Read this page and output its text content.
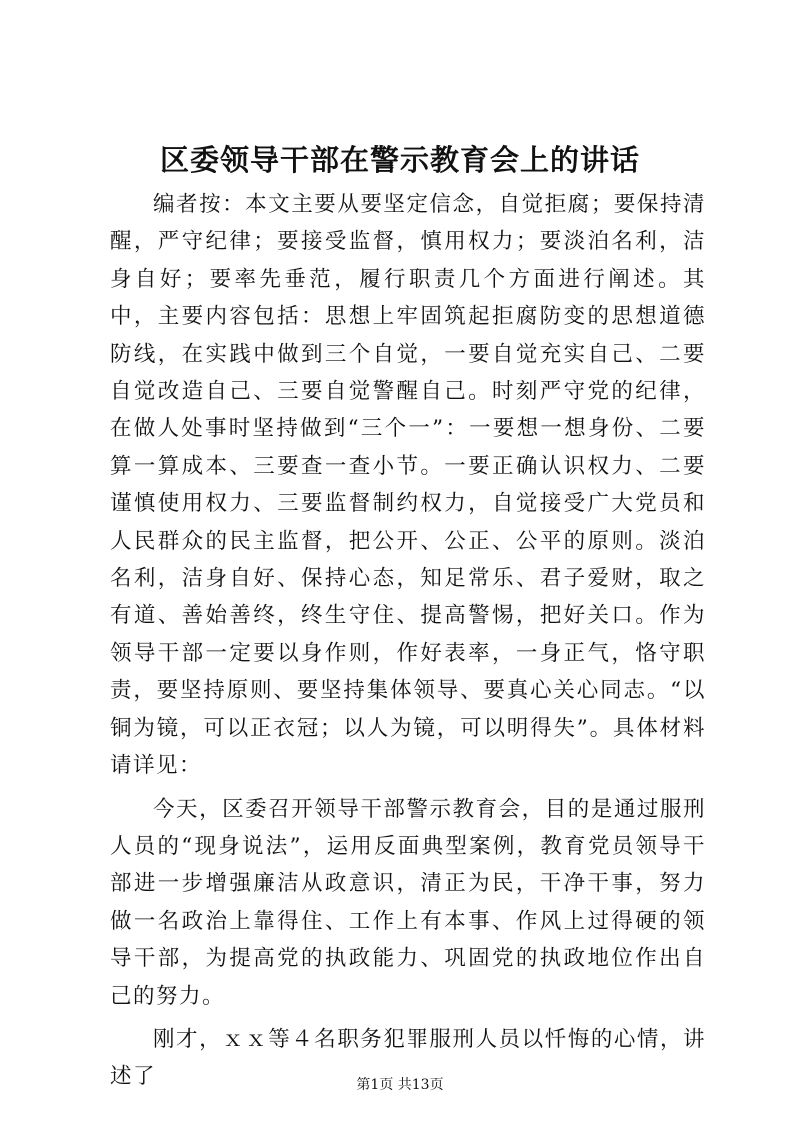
区委领导干部在警示教育会上的讲话

编者按：本文主要从要坚定信念，自觉拒腐；要保持清醒，严守纪律；要接受监督，慎用权力；要淡泊名利，洁身自好；要率先垂范，履行职责几个方面进行阐述。其中，主要内容包括：思想上牢固筑起拒腐防变的思想道德防线，在实践中做到三个自觉，一要自觉充实自己、二要自觉改造自己、三要自觉警醒自己。时刻严守党的纪律，在做人处事时坚持做到“三个一”：一要想一想身份、二要算一算成本、三要查一查小节。一要正确认识权力、二要谨慎使用权力、三要监督制约权力，自觉接受广大党员和人民群众的民主监督，把公开、公正、公平的原则。淡泊名利，洁身自好、保持心态，知足常乐、君子爱财，取之有道、善始善终，终生守住、提高警惕，把好关口。作为领导干部一定要以身作则，作好表率，一身正气，恪守职责，要坚持原则、要坚持集体领导、要真心关心同志。“以铜为镜，可以正衣冠；以人为镜，可以明得失”。具体材料请详见：

今天，区委召开领导干部警示教育会，目的是通过服刑人员的“现身说法”，运用反面典型案例，教育党员领导干部进一步增强廉洁从政意识，清正为民，干净干事，努力做一名政治上靠得住、工作上有本事、作风上过得硬的领导干部，为提高党的执政能力、巩固党的执政地位作出自己的努力。

刚才，ｘｘ等４名职务犯罪服刑人员以忏悔的心情，讲述了	第1页 共13页
